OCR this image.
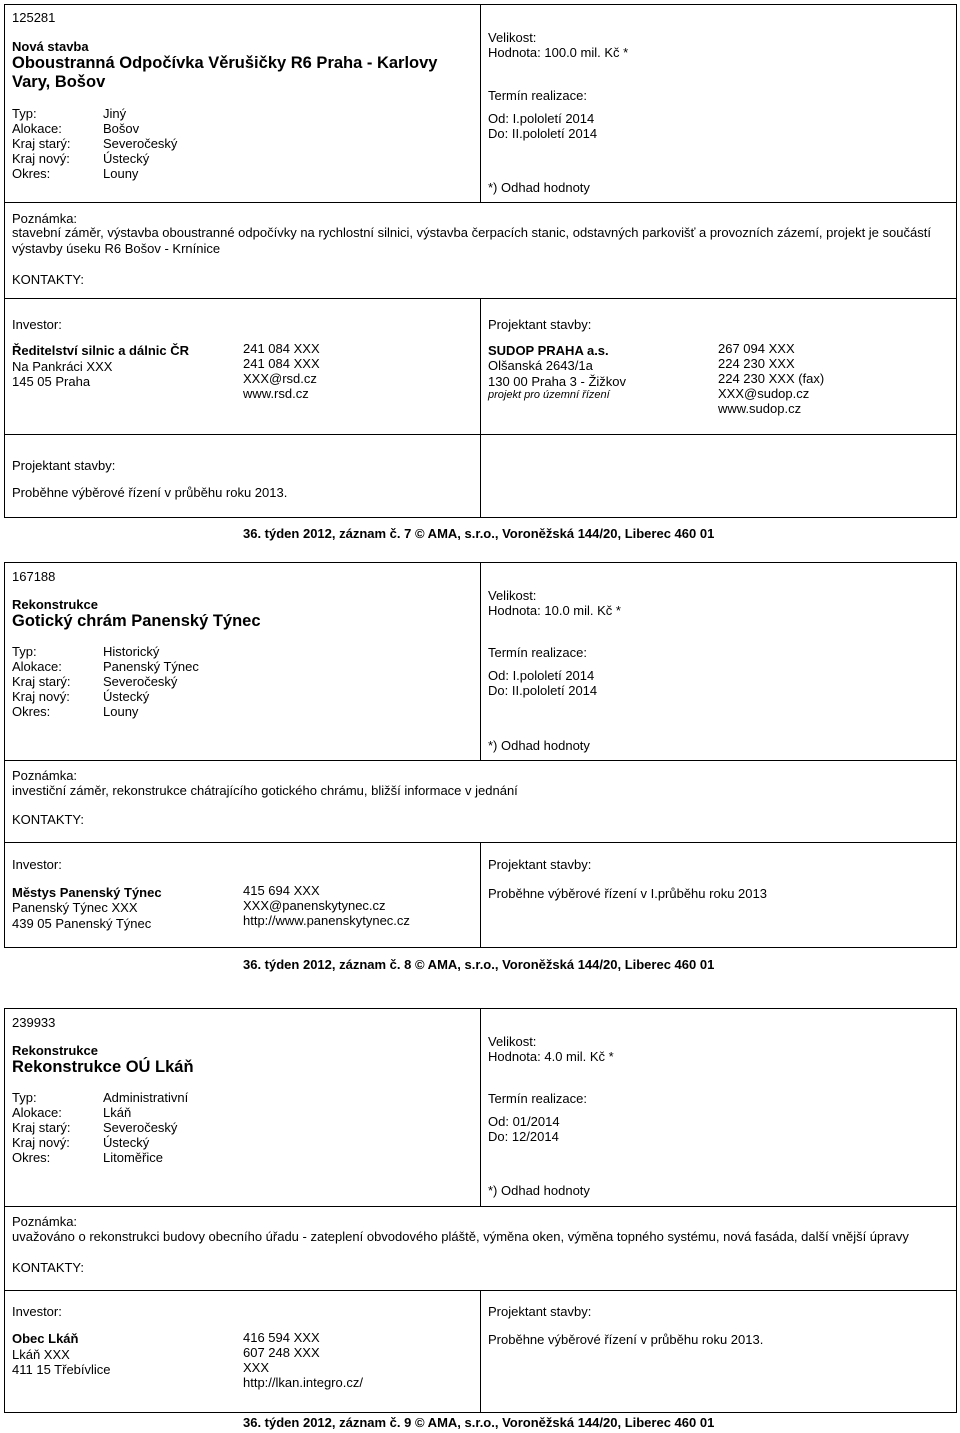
125281
Nová stavba
Oboustranná Odpočívka Věrušičky R6 Praha - Karlovy
Vary, Bošov
Typ:	Jiný
Alokace:	Bošov
Kraj starý: Severočeský
Kraj nový:	Ústecký
Okres:	Louny
Velikost:
Hodnota: 100.0 mil. Kč *
Termín realizace:
Od: I.pololetí 2014
Do: II.pololetí 2014
*) Odhad hodnoty
Poznámka:
stavební záměr, výstavba oboustranné odpočívky na rychlostní silnici, výstavba čerpacích stanic, odstavných parkovišť a provozních zázemí, projekt je součástí výstavby úseku R6 Bošov - Krnínice
KONTAKTY:
Investor:
Ředitelství silnic a dálnic ČR
Na Pankráci XXX
145 05 Praha
241 084 XXX
241 084 XXX
XXX@rsd.cz
www.rsd.cz
Projektant stavby:
SUDOP PRAHA a.s.
Olšanská 2643/1a
130 00 Praha 3 - Žižkov
projekt pro územní řízení
267 094 XXX
224 230 XXX
224 230 XXX (fax)
XXX@sudop.cz
www.sudop.cz
Projektant stavby:
Proběhne výběrové řízení v průběhu roku 2013.
36. týden 2012, záznam č. 7 © AMA, s.r.o., Voroněžská 144/20, Liberec 460 01
167188
Rekonstrukce
Gotický chrám Panenský Týnec
Typ:	Historický
Alokace:	Panenský Týnec
Kraj starý: Severočeský
Kraj nový:	Ústecký
Okres:	Louny
Velikost:
Hodnota: 10.0 mil. Kč *
Termín realizace:
Od: I.pololetí 2014
Do: II.pololetí 2014
*) Odhad hodnoty
Poznámka:
investiční záměr, rekonstrukce chátrajícího gotického chrámu, bližší informace v jednání
KONTAKTY:
Investor:
Městys Panenský Týnec
Panenský Týnec XXX
439 05 Panenský Týnec
415 694 XXX
XXX@panenskytynec.cz
http://www.panenskytynec.cz
Projektant stavby:
Proběhne výběrové řízení v I.průběhu roku 2013
36. týden 2012, záznam č. 8 © AMA, s.r.o., Voroněžská 144/20, Liberec 460 01
239933
Rekonstrukce
Rekonstrukce OÚ Lkáň
Typ:	Administrativní
Alokace:	Lkáň
Kraj starý: Severočeský
Kraj nový:	Ústecký
Okres:	Litoměřice
Velikost:
Hodnota: 4.0 mil. Kč *
Termín realizace:
Od: 01/2014
Do: 12/2014
*) Odhad hodnoty
Poznámka:
uvažováno o rekonstrukci budovy obecního úřadu - zateplení obvodového pláště, výměna oken, výměna topného systému, nová fasáda, další vnější úpravy
KONTAKTY:
Investor:
Obec Lkáň
Lkáň XXX
411 15 Třebívlice
416 594 XXX
607 248 XXX
XXX
http://lkan.integro.cz/
Projektant stavby:
Proběhne výběrové řízení v průběhu roku 2013.
36. týden 2012, záznam č. 9 © AMA, s.r.o., Voroněžská 144/20, Liberec 460 01
